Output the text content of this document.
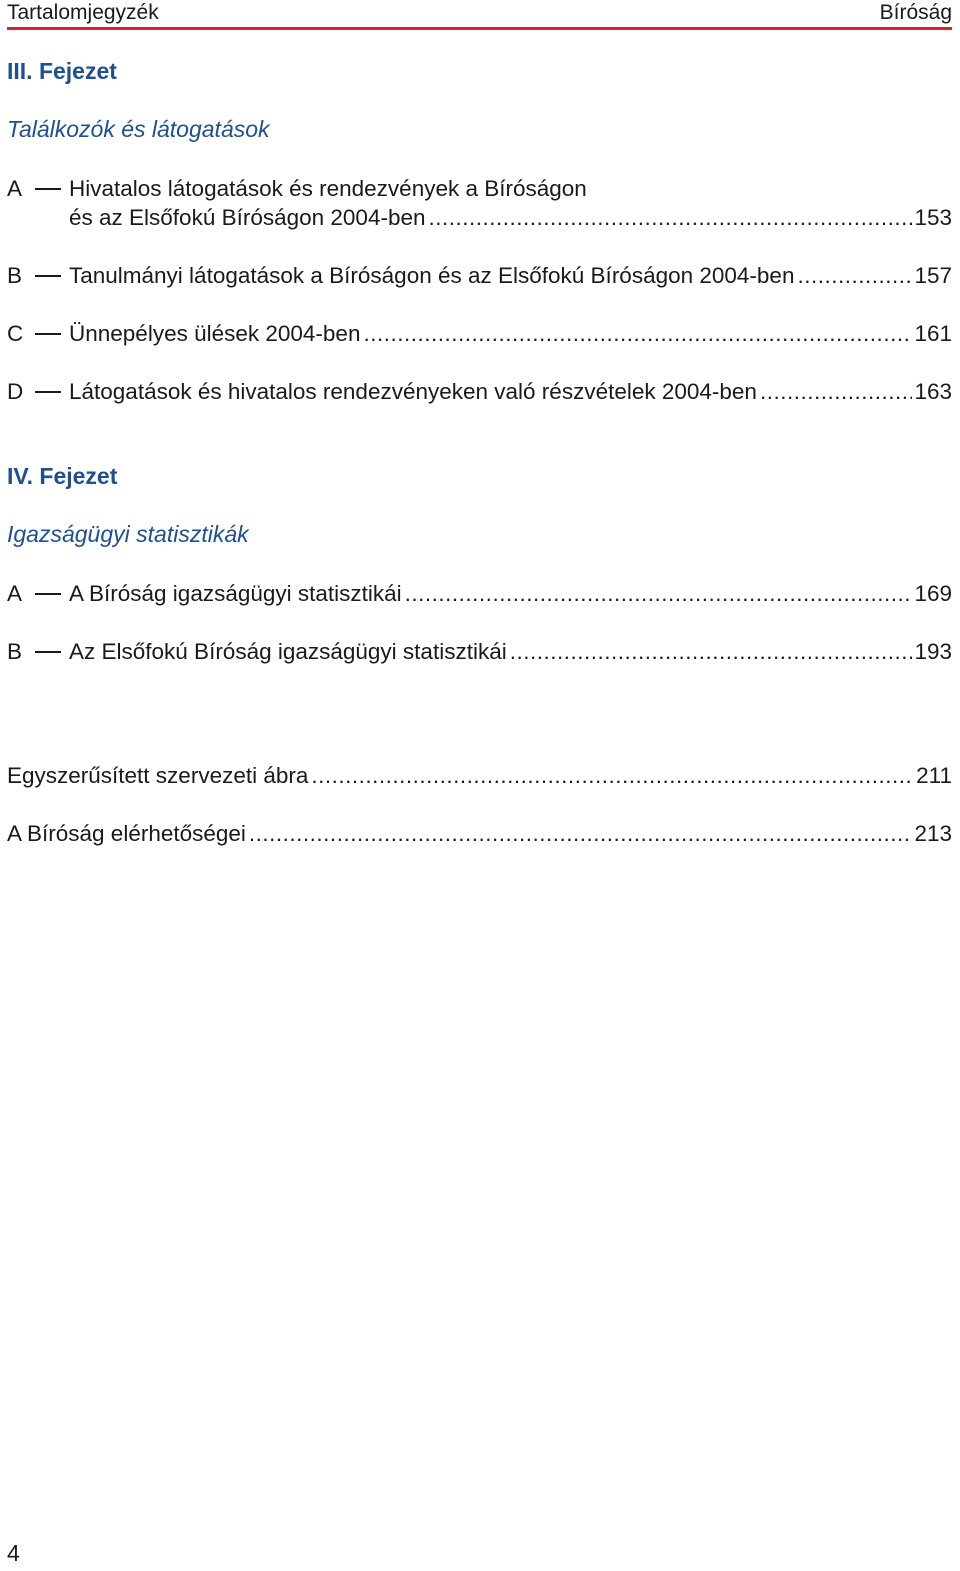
Tartalomjegyzék	Bíróság
III. Fejezet
Találkozók és látogatások
A	Hivatalos látogatások és rendezvények a Bíróságon
és az Elsőfokú Bíróságon 2004-ben .....	153
B	Tanulmányi látogatások a Bíróságon és az Elsőfokú Bíróságon 2004-ben .....	157
C Ünnepélyes ülések 2004-ben .....	161
D Látogatások és hivatalos rendezvényeken való részvételek 2004-ben .....	163
IV. Fejezet
Igazságügyi statisztikák
A	A Bíróság igazságügyi statisztikái .....	169
B	Az Elsőfokú Bíróság igazságügyi statisztikái .....	193
Egyszerűsített szervezeti ábra .....	211
A Bíróság elérhetőségei .....	213
4
